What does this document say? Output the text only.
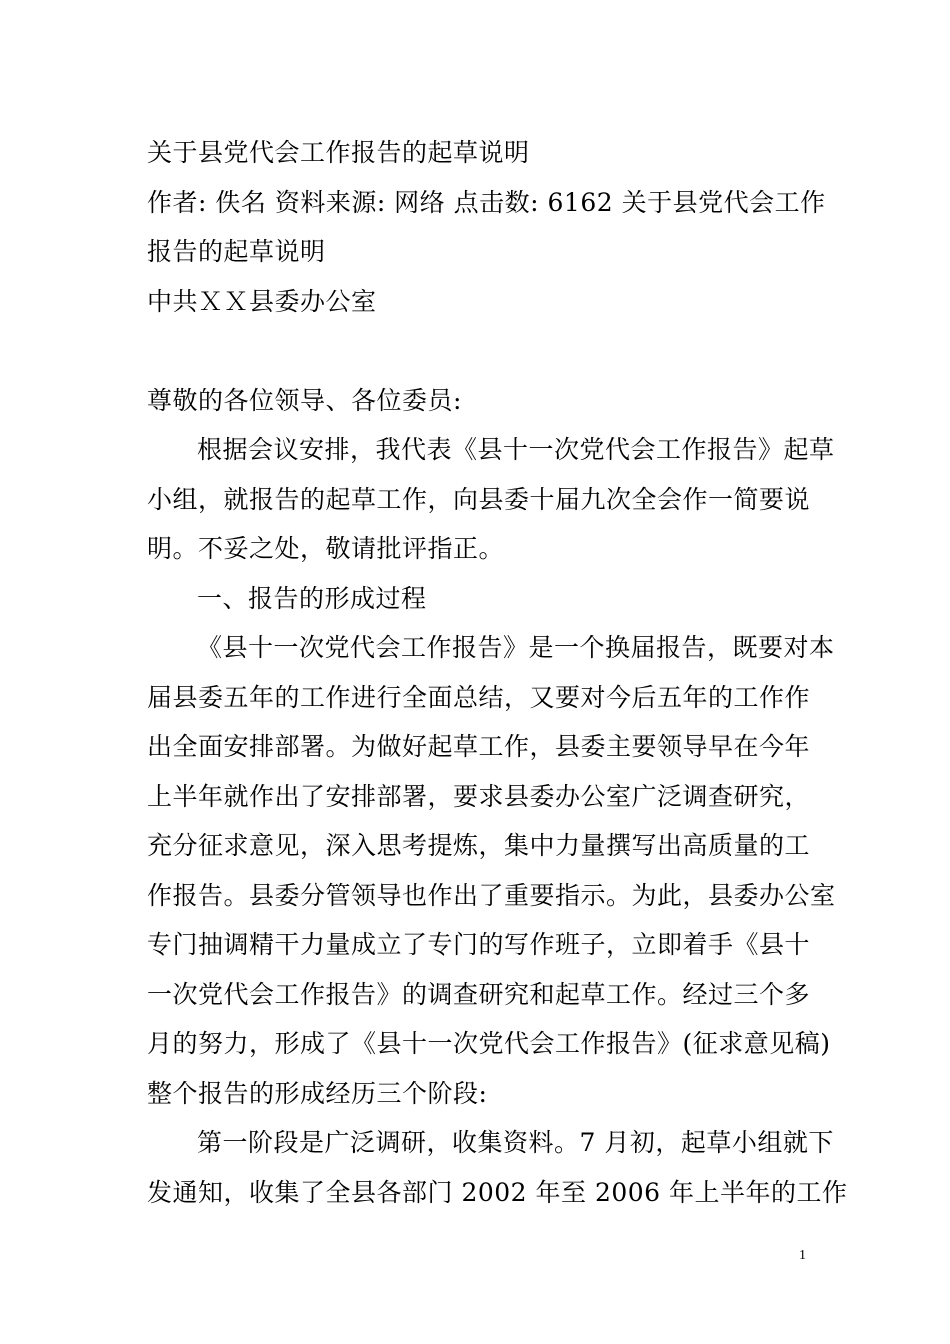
关于县党代会工作报告的起草说明
作者: 佚名 资料来源: 网络 点击数: 6162 关于县党代会工作
报告的起草说明
中共ＸＸ县委办公室
尊敬的各位领导、各位委员:
根据会议安排，我代表《县十一次党代会工作报告》起草
小组，就报告的起草工作，向县委十届九次全会作一简要说
明。不妥之处，敬请批评指正。
一、报告的形成过程
《县十一次党代会工作报告》是一个换届报告，既要对本
届县委五年的工作进行全面总结，又要对今后五年的工作作
出全面安排部署。为做好起草工作，县委主要领导早在今年
上半年就作出了安排部署，要求县委办公室广泛调查研究，
充分征求意见，深入思考提炼，集中力量撰写出高质量的工
作报告。县委分管领导也作出了重要指示。为此，县委办公室
专门抽调精干力量成立了专门的写作班子，立即着手《县十
一次党代会工作报告》的调查研究和起草工作。经过三个多
月的努力，形成了《县十一次党代会工作报告》(征求意见稿)
整个报告的形成经历三个阶段:
第一阶段是广泛调研，收集资料。7 月初，起草小组就下
发通知，收集了全县各部门 2002 年至 2006 年上半年的工作
1
